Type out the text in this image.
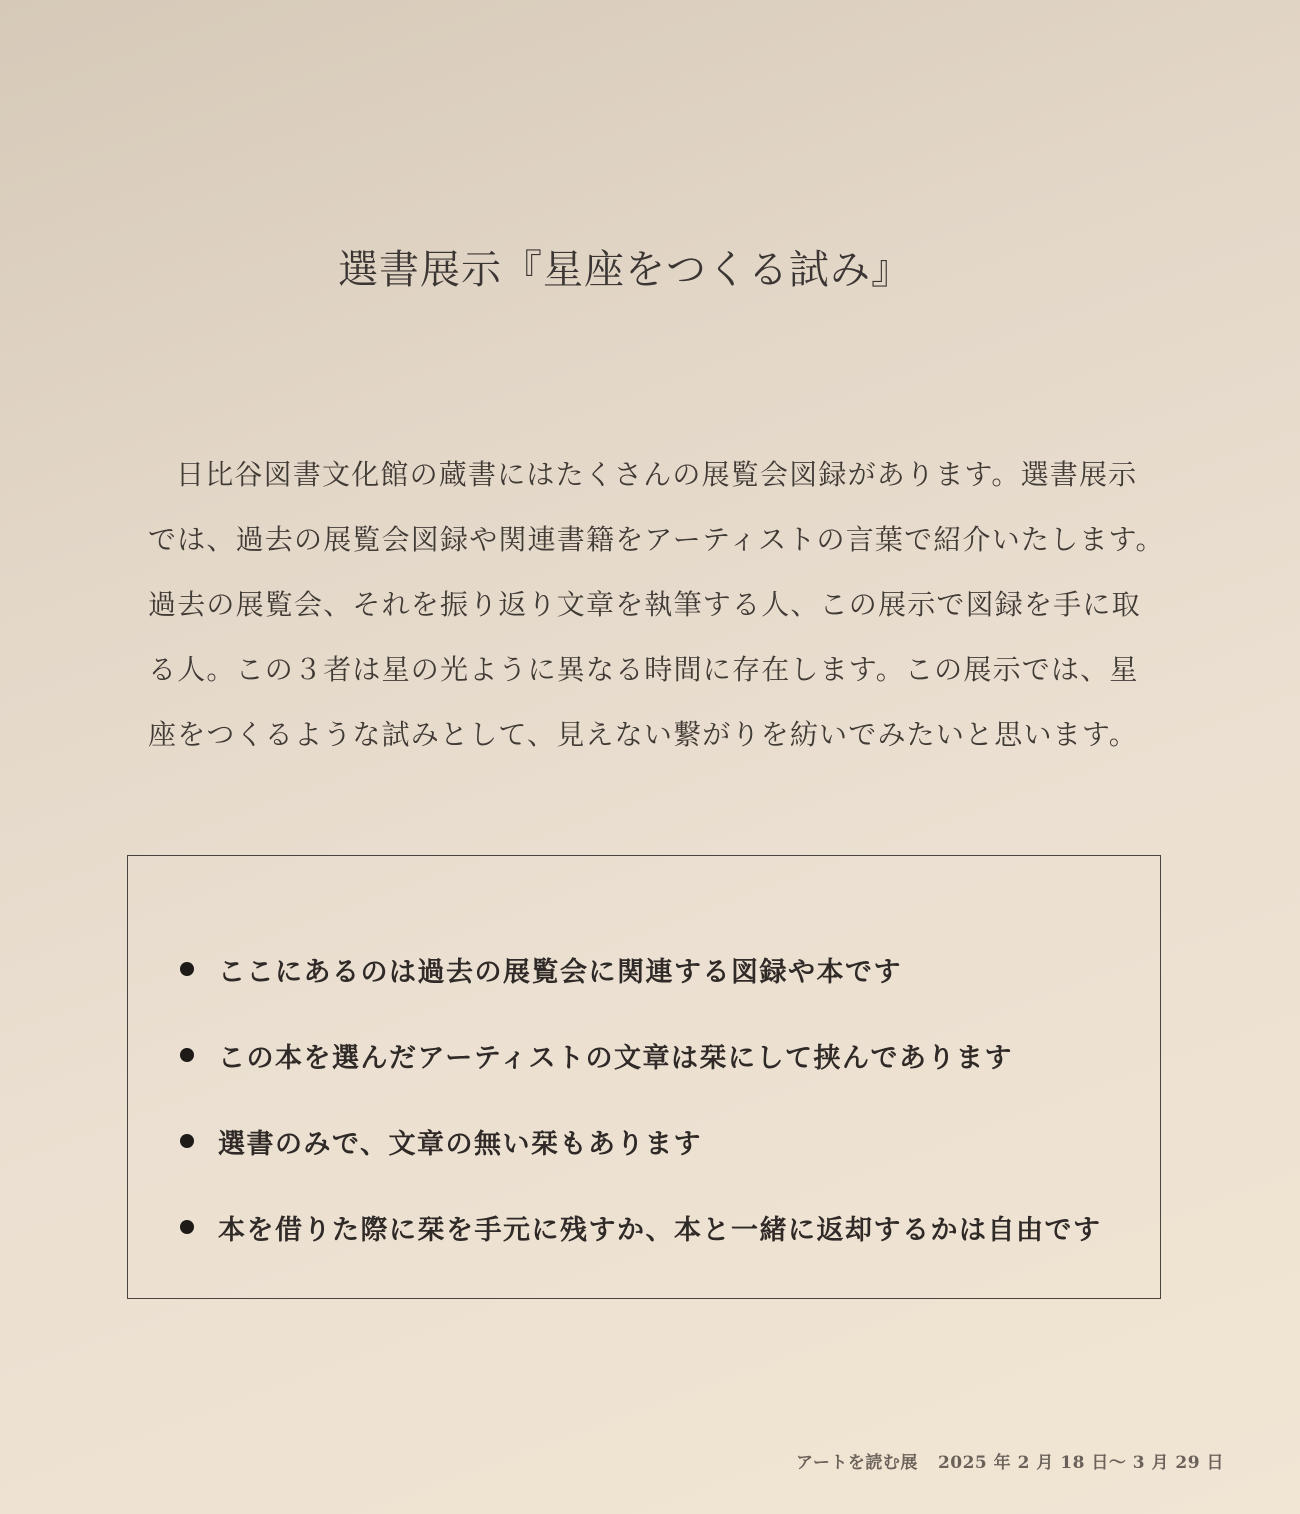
選書展示『星座をつくる試み』

日比谷図書文化館の蔵書にはたくさんの展覧会図録があります。選書展示
では、過去の展覧会図録や関連書籍をアーティストの言葉で紹介いたします。
過去の展覧会、それを振り返り文章を執筆する人、この展示で図録を手に取
る人。この３者は星の光ように異なる時間に存在します。この展示では、星
座をつくるような試みとして、見えない繋がりを紡いでみたいと思います。

ここにあるのは過去の展覧会に関連する図録や本です
この本を選んだアーティストの文章は栞にして挟んであります
選書のみで、文章の無い栞もあります
本を借りた際に栞を手元に残すか、本と一緒に返却するかは自由です
アートを読む展 2025 年 2 月 18 日〜 3 月 29 日
